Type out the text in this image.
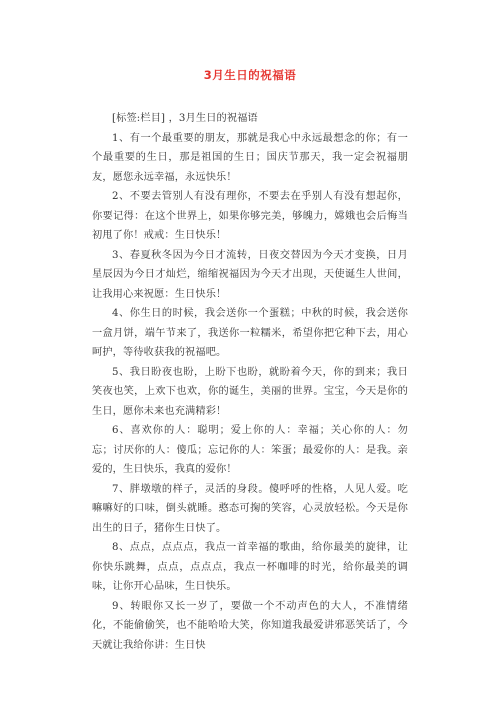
3月生日的祝福语

[标签:栏目] ，3月生日的祝福语

1、有一个最重要的朋友，那就是我心中永远最想念的你；有一个最重要的生日，那是祖国的生日；国庆节那天，我一定会祝福朋友，愿您永远幸福，永远快乐！

2、不要去管别人有没有理你，不要去在乎别人有没有想起你，你要记得：在这个世界上，如果你够完美，够魄力，嫦娥也会后悔当初甩了你！戒戒：生日快乐！

3、春夏秋冬因为今日才流转，日夜交替因为今天才变换，日月星辰因为今日才灿烂，缩缩祝福因为今天才出现，天使诞生人世间，让我用心来祝愿：生日快乐！

4、你生日的时候，我会送你一个蛋糕；中秋的时候，我会送你一盒月饼，端午节来了，我送你一粒糯米，希望你把它种下去，用心呵护，等待收获我的祝福吧。

5、我日盼夜也盼，上盼下也盼，就盼着今天，你的到来；我日笑夜也笑，上欢下也欢，你的诞生，美丽的世界。宝宝，今天是你的生日，愿你未来也充满精彩！

6、喜欢你的人：聪明；爱上你的人：幸福；关心你的人：勿忘；讨厌你的人：傻瓜；忘记你的人：笨蛋；最爱你的人：是我。亲爱的，生日快乐，我真的爱你！

7、胖墩墩的样子，灵活的身段。傻呼呼的性格，人见人爱。吃嘛嘛好的口味，倒头就睡。憨态可掬的笑容，心灵放轻松。今天是你出生的日子，猪你生日快了。

8、点点，点点点，我点一首幸福的歌曲，给你最美的旋律，让你快乐跳舞，点点，点点点，我点一杯咖啡的时光，给你最美的调味，让你开心品味，生日快乐。

9、转眼你又长一岁了，要做一个不动声色的大人，不准情绪化，不能偷偷笑，也不能哈哈大笑，你知道我最爱讲邪恶笑话了，今天就让我给你讲：生日快
